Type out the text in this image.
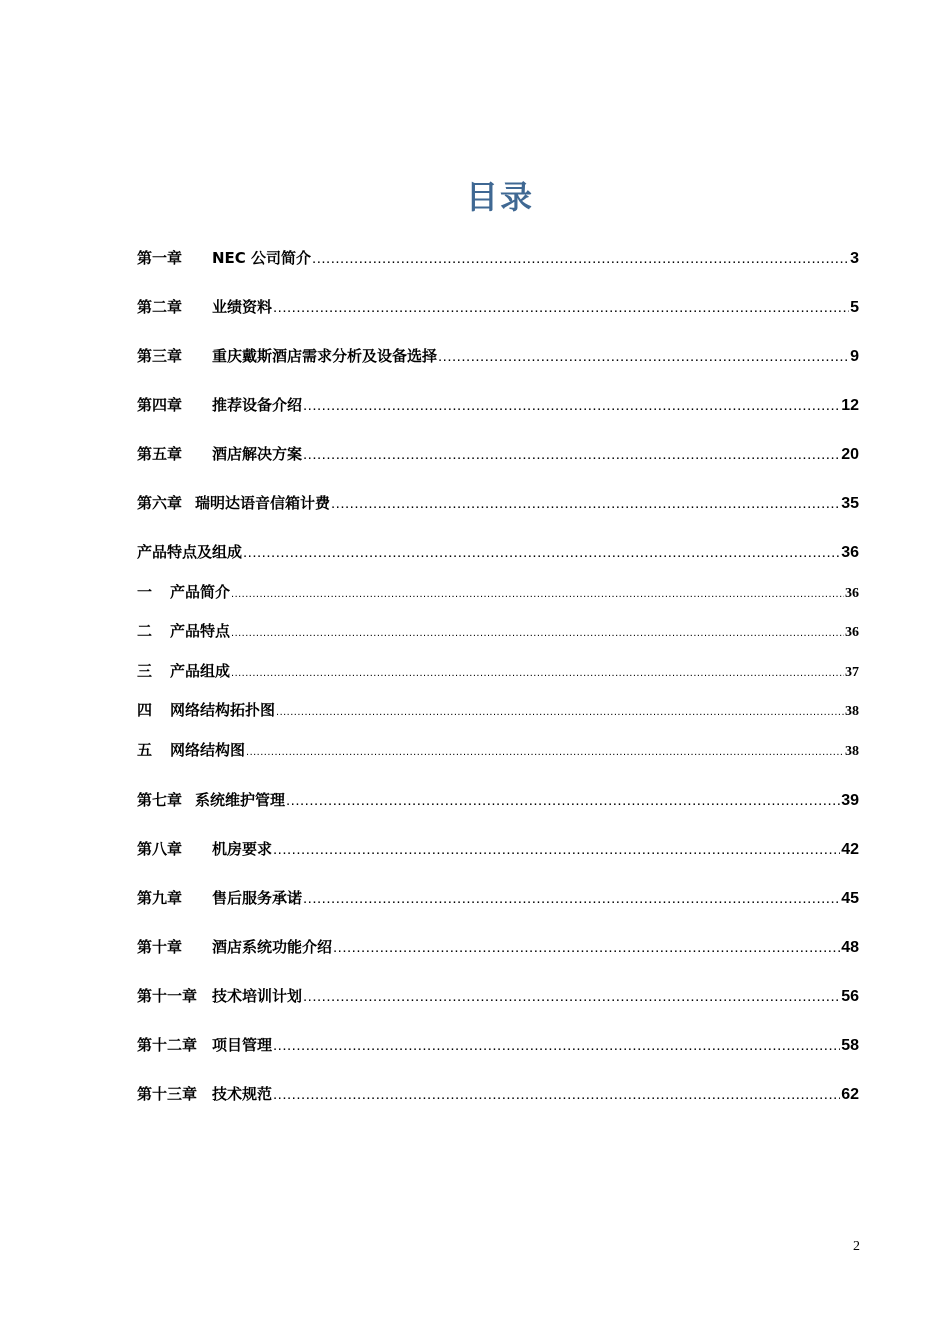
目录
第一章	NEC 公司简介 .....	3
第二章	业绩资料 .....	5
第三章	重庆戴斯酒店需求分析及设备选择 .....	9
第四章	推荐设备介绍 .....	12
第五章	酒店解决方案 .....	20
第六章 瑞明达语音信箱计费 .....	35
产品特点及组成 .....	36
一	产品简介 .....	36
二	产品特点 .....	36
三	产品组成 .....	37
四	网络结构拓扑图 .....	38
五	网络结构图 .....	38
第七章 系统维护管理 .....	39
第八章	机房要求 .....	42
第九章	售后服务承诺 .....	45
第十章	酒店系统功能介绍 .....	48
第十一章 技术培训计划 .....	56
第十二章 项目管理 .....	58
第十三章 技术规范 .....	62
2
